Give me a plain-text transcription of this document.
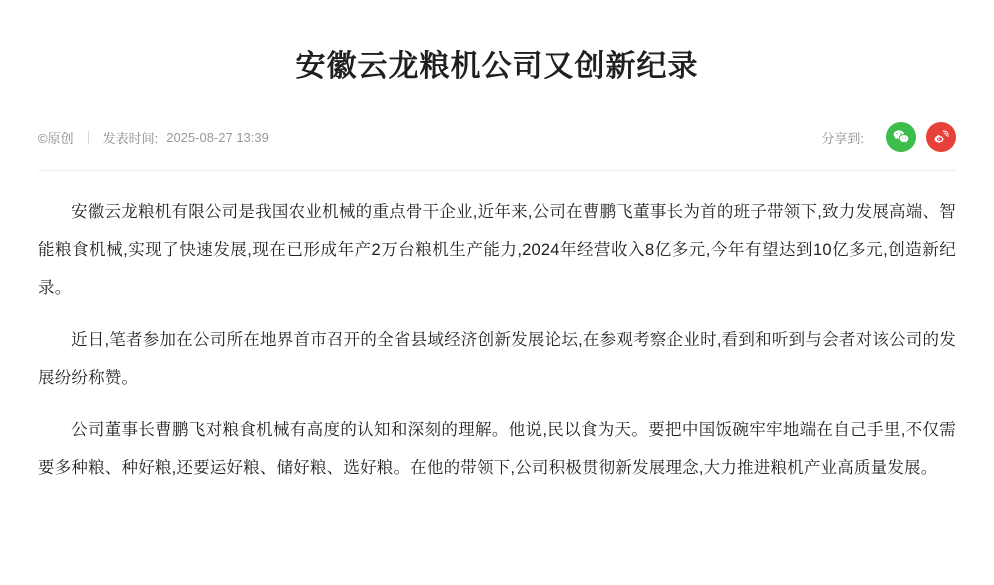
安徽云龙粮机公司又创新纪录
©原创 发表时间: 2025-08-27 13:39	分享到:

安徽云龙粮机有限公司是我国农业机械的重点骨干企业,近年来,公司在曹鹏飞董事长为首的班子带领下,致力发展高端、智能粮食机械,实现了快速发展,现在已形成年产2万台粮机生产能力,2024年经营收入8亿多元,今年有望达到10亿多元,创造新纪录。

近日,笔者参加在公司所在地界首市召开的全省县域经济创新发展论坛,在参观考察企业时,看到和听到与会者对该公司的发展纷纷称赞。

公司董事长曹鹏飞对粮食机械有高度的认知和深刻的理解。他说,民以食为天。要把中国饭碗牢牢地端在自己手里,不仅需要多种粮、种好粮,还要运好粮、储好粮、选好粮。在他的带领下,公司积极贯彻新发展理念,大力推进粮机产业高质量发展。
